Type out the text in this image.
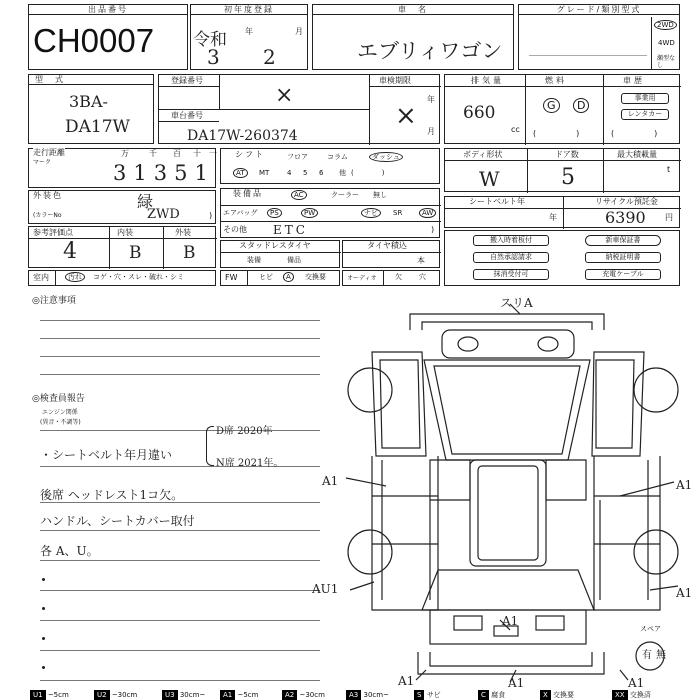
出品番号
CH0007
初年度登録
令和
3
年
2
月
車　名
エブリィワゴン
グレード/類別型式
2WD
4WD
瀬型なし
型　式
3BA-
DA17W
登録番号
×
車台番号
DA17W-260374
車検期限
年
×
月
排気量	燃料	車歴
660
cc
G	D
(　　　　　)
事業用
レンタカー
(　　　　　)
走行距離
マーク
万	千 百 十 一
31351
シフト	フロア	コラム	ダッシュ
AT	MT	4 5 6 他 (　　　　)
ボディ形状	ドア数	最大積載量
W	5	t
外装色	緑
(カラーNo	ZWD	)
装備品	AC	クーラー 無し
エアバッグ	PS	PW	ナビ	SR	AW
その他 ETC	)
シートベルト年	リサイクル預託金
年	6390 円
参考評価点	内装	外装
4	B B	スタッドレスタイヤ
装備	備品
タイヤ積込
本
搬入時着板付	新車保証書
自然承認請求	納税証明書
抹消受付可	充電ケーブル
室内	汚れ	コゲ・穴・スレ・破れ・シミ	FW	ヒビ	A	交換要	オーディオ	欠 穴
◎注意事項
◎検査員報告
エンジン関係
(異音・不調等)
・シートベルト年月違い
D席 2020年
N席 2021年。
後席 ヘッドレスト1コ欠。
ハンドル、シートカバー取付
各 A、U。
スリA
A1	A1
AU1	A1
A1
A1	A1	A1
スペア
有 無
U1 ~5cm	U2 ~30cm	U3 30cm~	A1 ~5cm	A2 ~30cm	A3 30cm~	S サビ	C 腐食	X 交換要	XX 交換済
